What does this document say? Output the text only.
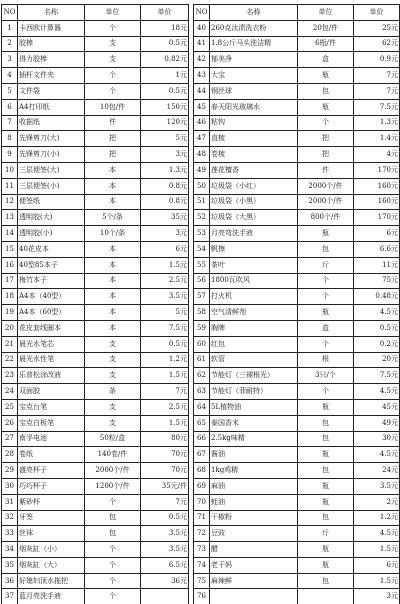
NO	名称	单位	单价
1	卡西欧计算器	个	18元
2	胶棒	支	0.5元
3	得力胶棒	支	0.82元
4	插杆文件夹	个	1元
5	文件袋	个	0.5元
6	A4打印纸	10包/件	150元
7	收据纸	件	120元
8	先锋剪刀(大)	把	5元
9	先锋剪刀(小)	把	3元
10	三层便签(大)	本	1.3元
11	三层便签(小)	本	0.8元
12	便签纸	本	0.8元
13	透明胶(大)	5个/条	35元
14	透明胶(小)	10个/条	3元
15	40花皮本	本	6元
16	40型85本子	本	1.5元
17	梅竹本子	本	2.5元
18	A4本（40型）	本	3.5元
19	A4本（60型）	本	5元
20	花皮套线圈本	本	7.5元
21	晨光水笔芯	支	0.5元
22	晨光水性笔	支	1.2元
23	乐普松涂改液	支	1.5元
24	双面胶	条	7元
25	宝克台笔	支	2.5元
26	宝克白板笔	支	1.5元
27	南孚电池	50粒/盒	80元
28	卷纸	140卷/件	70元
29	盛亮杯子	2000个/件	70元
30	巧巧杯子	1200个/件	35元/件
31	紫砂杯	个	7元
32	牙签	包	0.5元
33	丝袜	包	3.5元
34	烟灰缸（小）	个	3.5元
35	烟灰缸（大）	个	6.5元
36	好媳妇顶水拖把	个	36元
37	蓝月亮洗手液	个	
NO	名称	单位	单价
40	260克汰渍洗衣粉	20包/件	25元
41	1.8公斤马头洗洁精	6瓶/件	62元
42	郁美净	盒	0.9元
43	大宝	瓶	7元
44	钢丝球	包	7元
45	春天阳光玻璃水	瓶	7.5元
46	粘钩	个	1.3元
47	直梳	把	1.4元
48	卷梳	把	4元
49	莲花檀香	件	170元
50	垃圾袋（小红）	2000个/件	160元
51	垃圾袋（小黑）	2000个/件	160元
52	垃圾袋（大黑）	800个/件	170元
53	月亮弯洗手液	瓶	6元
54	帆擦	包	6.6元
55	茶叶	斤	11元
56	1800瓦吹风	个	75元
57	打火机	个	0.48元
58	空气清鲜剂	瓶	4.5元
59	胸牌	盒	0.5元
60	红包	个	0.2元
61	软管	根	20元
62	节能灯（三褪根光）	3只/个	7.5元
63	节能灯（菲耐特）	个	4.5元
64	5L植物油	瓶	45元
65	泰国香米	包	49元
66	2.5kg味精	包	30元
67	酱油	瓶	4.5元
68	1kg鸡精	包	24元
69	麻油	瓶	3.5元
70	蚝油	瓶	2元
71	干椒粉	包	1.2元
72	豆豉	斤	4.5元
73	醋	瓶	1.5元
74	老干妈	瓶	6元
75	麻辣鲜	包	1.5元
76			3元
